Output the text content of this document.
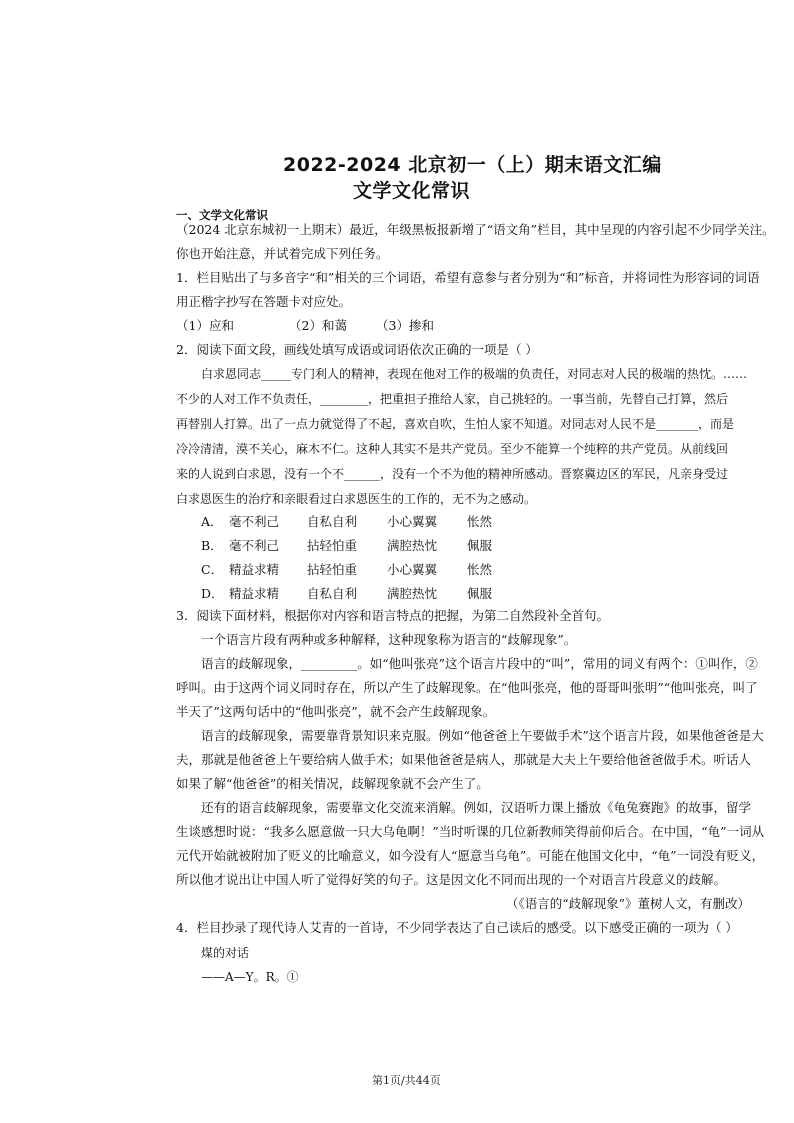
2022-2024 北京初一（上）期末语文汇编
文学文化常识
一、文学文化常识
（2024 北京东城初一上期末）最近，年级黑板报新增了“语文角”栏目，其中呈现的内容引起不少同学关注。
你也开始注意，并试着完成下列任务。
1．栏目贴出了与多音字“和”相关的三个词语，希望有意参与者分别为“和”标音，并将词性为形容词的词语
用正楷字抄写在答题卡对应处。
（1）应和	（2）和蔼 （3）掺和
2．阅读下面文段，画线处填写成语或词语依次正确的一项是（ ）
白求恩同志_____专门利人的精神，表现在他对工作的极端的负责任，对同志对人民的极端的热忱。……
不少的人对工作不负责任，________，把重担子推给人家，自己挑轻的。一事当前，先替自己打算，然后
再替别人打算。出了一点力就觉得了不起，喜欢自吹，生怕人家不知道。对同志对人民不是_______，而是
冷冷清清，漠不关心，麻木不仁。这种人其实不是共产党员。至少不能算一个纯粹的共产党员。从前线回
来的人说到白求恩，没有一个不______，没有一个不为他的精神所感动。晋察冀边区的军民，凡亲身受过
白求恩医生的治疗和亲眼看过白求恩医生的工作的，无不为之感动。
A． 毫不利己 自私自利 小心翼翼 怅然
B． 毫不利己 拈轻怕重 满腔热忱 佩服
C． 精益求精 拈轻怕重 小心翼翼 怅然
D． 精益求精 自私自利 满腔热忱 佩服
3．阅读下面材料，根据你对内容和语言特点的把握，为第二自然段补全首句。
一个语言片段有两种或多种解释，这种现象称为语言的“歧解现象”。
语言的歧解现象，_________。如“他叫张亮”这个语言片段中的“叫”，常用的词义有两个：①叫作，②
呼叫。由于这两个词义同时存在，所以产生了歧解现象。在“他叫张亮，他的哥哥叫张明”“他叫张亮，叫了
半天了”这两句话中的“他叫张亮”，就不会产生歧解现象。
语言的歧解现象，需要靠背景知识来克服。例如“他爸爸上午要做手术”这个语言片段，如果他爸爸是大
夫，那就是他爸爸上午要给病人做手术；如果他爸爸是病人，那就是大夫上午要给他爸爸做手术。听话人
如果了解“他爸爸”的相关情况，歧解现象就不会产生了。
还有的语言歧解现象，需要靠文化交流来消解。例如，汉语听力课上播放《龟兔赛跑》的故事，留学
生谈感想时说：“我多么愿意做一只大乌龟啊！”当时听课的几位新教师笑得前仰后合。在中国，“龟”一词从
元代开始就被附加了贬义的比喻意义，如今没有人“愿意当乌龟”。可能在他国文化中，“龟”一词没有贬义，
所以他才说出让中国人听了觉得好笑的句子。这是因文化不同而出现的一个对语言片段意义的歧解。
（《语言的“歧解现象”》董树人文，有删改）
4．栏目抄录了现代诗人艾青的一首诗，不少同学表达了自己读后的感受。以下感受正确的一项为（ ）
煤的对话
——A—Y。R。①
第1页/共44页
